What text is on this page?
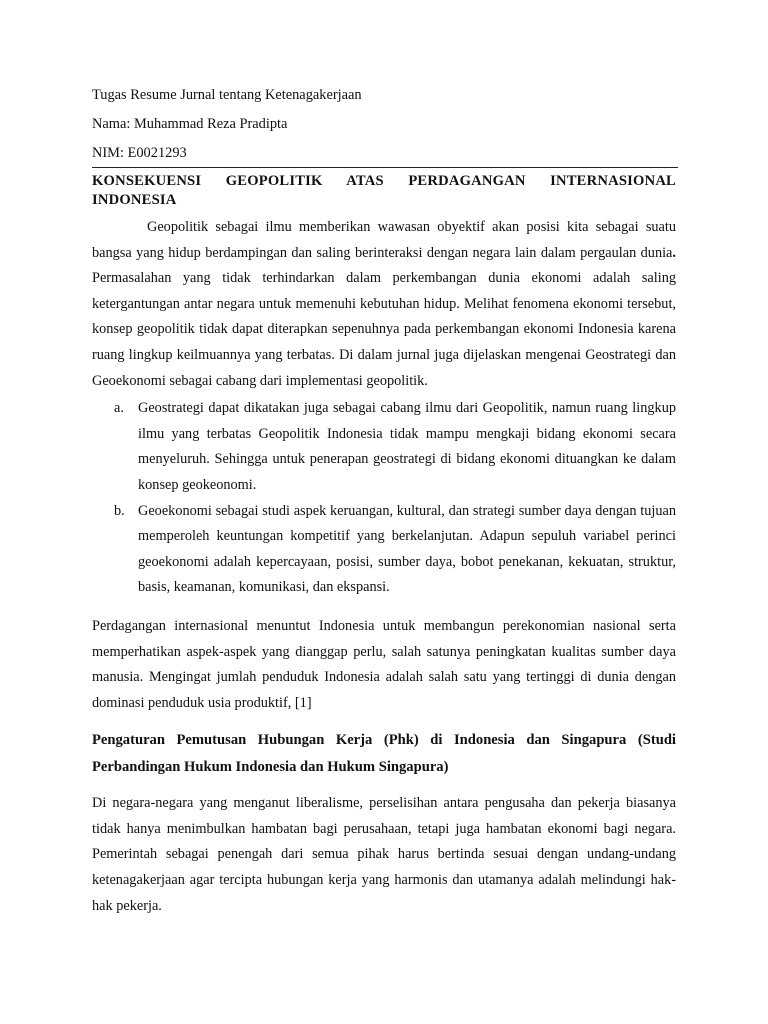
Tugas Resume Jurnal tentang Ketenagakerjaan

Nama: Muhammad Reza Pradipta

NIM: E0021293

KONSEKUENSI GEOPOLITIK ATAS PERDAGANGAN INTERNASIONAL
INDONESIA

Geopolitik sebagai ilmu memberikan wawasan obyektif akan posisi kita sebagai suatu bangsa yang hidup berdampingan dan saling berinteraksi dengan negara lain dalam pergaulan dunia. Permasalahan yang tidak terhindarkan dalam perkembangan dunia ekonomi adalah saling ketergantungan antar negara untuk memenuhi kebutuhan hidup. Melihat fenomena ekonomi tersebut, konsep geopolitik tidak dapat diterapkan sepenuhnya pada perkembangan ekonomi Indonesia karena ruang lingkup keilmuannya yang terbatas. Di dalam jurnal juga dijelaskan mengenai Geostrategi dan Geoekonomi sebagai cabang dari implementasi geopolitik.

a. Geostrategi dapat dikatakan juga sebagai cabang ilmu dari Geopolitik, namun ruang lingkup ilmu yang terbatas Geopolitik Indonesia tidak mampu mengkaji bidang ekonomi secara menyeluruh. Sehingga untuk penerapan geostrategi di bidang ekonomi dituangkan ke dalam konsep geokeonomi.

b. Geoekonomi sebagai studi aspek keruangan, kultural, dan strategi sumber daya dengan tujuan memperoleh keuntungan kompetitif yang berkelanjutan. Adapun sepuluh variabel perinci geoekonomi adalah kepercayaan, posisi, sumber daya, bobot penekanan, kekuatan, struktur, basis, keamanan, komunikasi, dan ekspansi.

Perdagangan internasional menuntut Indonesia untuk membangun perekonomian nasional serta memperhatikan aspek-aspek yang dianggap perlu, salah satunya peningkatan kualitas sumber daya manusia. Mengingat jumlah penduduk Indonesia adalah salah satu yang tertinggi di dunia dengan dominasi penduduk usia produktif, [1]

Pengaturan Pemutusan Hubungan Kerja (Phk) di Indonesia dan Singapura (Studi Perbandingan Hukum Indonesia dan Hukum Singapura)

Di negara-negara yang menganut liberalisme, perselisihan antara pengusaha dan pekerja biasanya tidak hanya menimbulkan hambatan bagi perusahaan, tetapi juga hambatan ekonomi bagi negara. Pemerintah sebagai penengah dari semua pihak harus bertinda sesuai dengan undang-undang ketenagakerjaan agar tercipta hubungan kerja yang harmonis dan utamanya adalah melindungi hak-hak pekerja.
